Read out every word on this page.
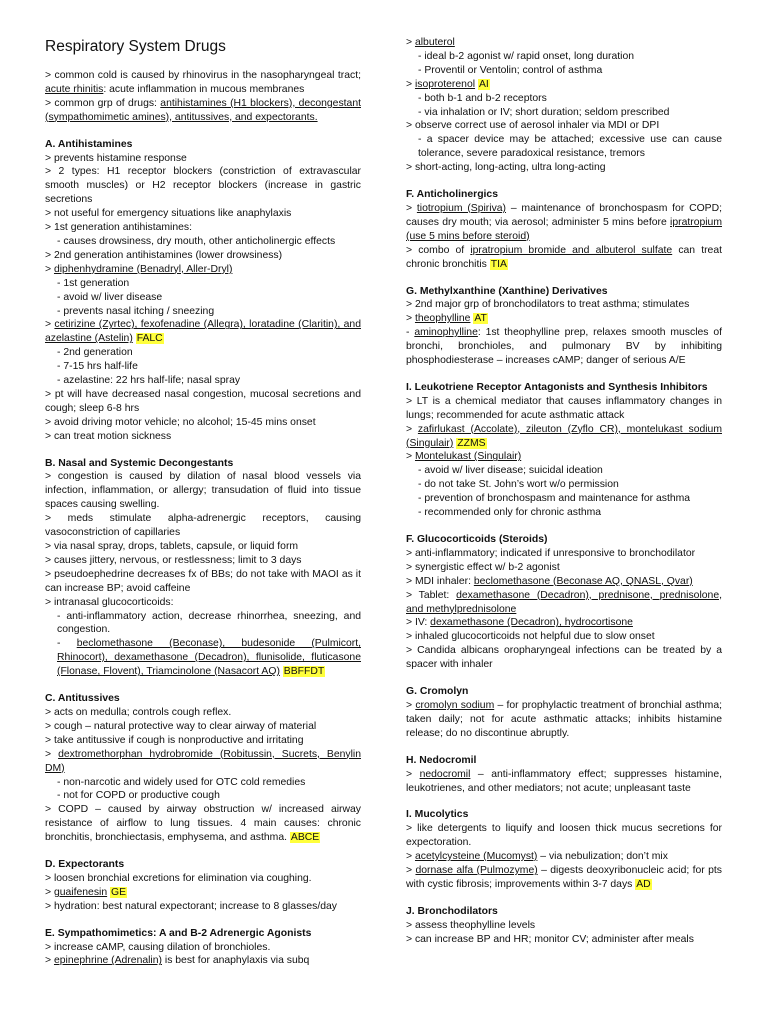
Respiratory System Drugs
> common cold is caused by rhinovirus in the nasopharyngeal tract; acute rhinitis: acute inflammation in mucous membranes
> common grp of drugs: antihistamines (H1 blockers), decongestant (sympathomimetic amines), antitussives, and expectorants.
A. Antihistamines
> prevents histamine response
> 2 types: H1 receptor blockers (constriction of extravascular smooth muscles) or H2 receptor blockers (increase in gastric secretions
> not useful for emergency situations like anaphylaxis
> 1st generation antihistamines:
- causes drowsiness, dry mouth, other anticholinergic effects
> 2nd generation antihistamines (lower drowsiness)
> diphenhydramine (Benadryl, Aller-Dryl)
- 1st generation
- avoid w/ liver disease
- prevents nasal itching / sneezing
> cetirizine (Zyrtec), fexofenadine (Allegra), loratadine (Claritin), and azelastine (Astelin) FALC
- 2nd generation
- 7-15 hrs half-life
- azelastine: 22 hrs half-life; nasal spray
> pt will have decreased nasal congestion, mucosal secretions and cough; sleep 6-8 hrs
> avoid driving motor vehicle; no alcohol; 15-45 mins onset
> can treat motion sickness
B. Nasal and Systemic Decongestants
> congestion is caused by dilation of nasal blood vessels via infection, inflammation, or allergy; transudation of fluid into tissue spaces causing swelling.
> meds stimulate alpha-adrenergic receptors, causing vasoconstriction of capillaries
> via nasal spray, drops, tablets, capsule, or liquid form
> causes jittery, nervous, or restlessness; limit to 3 days
> pseudoephedrine decreases fx of BBs; do not take with MAOI as it can increase BP; avoid caffeine
> intranasal glucocorticoids:
- anti-inflammatory action, decrease rhinorrhea, sneezing, and congestion.
- beclomethasone (Beconase), budesonide (Pulmicort, Rhinocort), dexamethasone (Decadron), flunisolide, fluticasone (Flonase, Flovent), Triamcinolone (Nasacort AQ) BBFFDT
C. Antitussives
> acts on medulla; controls cough reflex.
> cough – natural protective way to clear airway of material
> take antitussive if cough is nonproductive and irritating
> dextromethorphan hydrobromide (Robitussin, Sucrets, Benylin DM)
- non-narcotic and widely used for OTC cold remedies
- not for COPD or productive cough
> COPD – caused by airway obstruction w/ increased airway resistance of airflow to lung tissues. 4 main causes: chronic bronchitis, bronchiectasis, emphysema, and asthma. ABCE
D. Expectorants
> loosen bronchial excretions for elimination via coughing.
> guaifenesin GE
> hydration: best natural expectorant; increase to 8 glasses/day
E. Sympathomimetics: A and B-2 Adrenergic Agonists
> increase cAMP, causing dilation of bronchioles.
> epinephrine (Adrenalin) is best for anaphylaxis via subq
> albuterol
- ideal b-2 agonist w/ rapid onset, long duration
- Proventil or Ventolin; control of asthma
> isoproterenol AI
- both b-1 and b-2 receptors
- via inhalation or IV; short duration; seldom prescribed
> observe correct use of aerosol inhaler via MDI or DPI
- a spacer device may be attached; excessive use can cause tolerance, severe paradoxical resistance, tremors
> short-acting, long-acting, ultra long-acting
F. Anticholinergics
> tiotropium (Spiriva) – maintenance of bronchospasm for COPD; causes dry mouth; via aerosol; administer 5 mins before ipratropium (use 5 mins before steroid)
> combo of ipratropium bromide and albuterol sulfate can treat chronic bronchitis TIA
G. Methylxanthine (Xanthine) Derivatives
> 2nd major grp of bronchodilators to treat asthma; stimulates
> theophylline AT
- aminophylline: 1st theophylline prep, relaxes smooth muscles of bronchi, bronchioles, and pulmonary BV by inhibiting phosphodiesterase – increases cAMP; danger of serious A/E
I. Leukotriene Receptor Antagonists and Synthesis Inhibitors
> LT is a chemical mediator that causes inflammatory changes in lungs; recommended for acute asthmatic attack
> zafirlukast (Accolate), zileuton (Zyflo CR), montelukast sodium (Singulair) ZZMS
> Montelukast (Singulair)
- avoid w/ liver disease; suicidal ideation
- do not take St. John’s wort w/o permission
- prevention of bronchospasm and maintenance for asthma
- recommended only for chronic asthma
F. Glucocorticoids (Steroids)
> anti-inflammatory; indicated if unresponsive to bronchodilator
> synergistic effect w/ b-2 agonist
> MDI inhaler: beclomethasone (Beconase AQ, QNASL, Qvar)
> Tablet: dexamethasone (Decadron), prednisone, prednisolone, and methylprednisolone
> IV: dexamethasone (Decadron), hydrocortisone
> inhaled glucocorticoids not helpful due to slow onset
> Candida albicans oropharyngeal infections can be treated by a spacer with inhaler
G. Cromolyn
> cromolyn sodium – for prophylactic treatment of bronchial asthma; taken daily; not for acute asthmatic attacks; inhibits histamine release; do no discontinue abruptly.
H. Nedocromil
> nedocromil – anti-inflammatory effect; suppresses histamine, leukotrienes, and other mediators; not acute; unpleasant taste
I. Mucolytics
> like detergents to liquify and loosen thick mucus secretions for expectoration.
> acetylcysteine (Mucomyst) – via nebulization; don’t mix
> dornase alfa (Pulmozyme) – digests deoxyribonucleic acid; for pts with cystic fibrosis; improvements within 3-7 days AD
J. Bronchodilators
> assess theophylline levels
> can increase BP and HR; monitor CV; administer after meals
